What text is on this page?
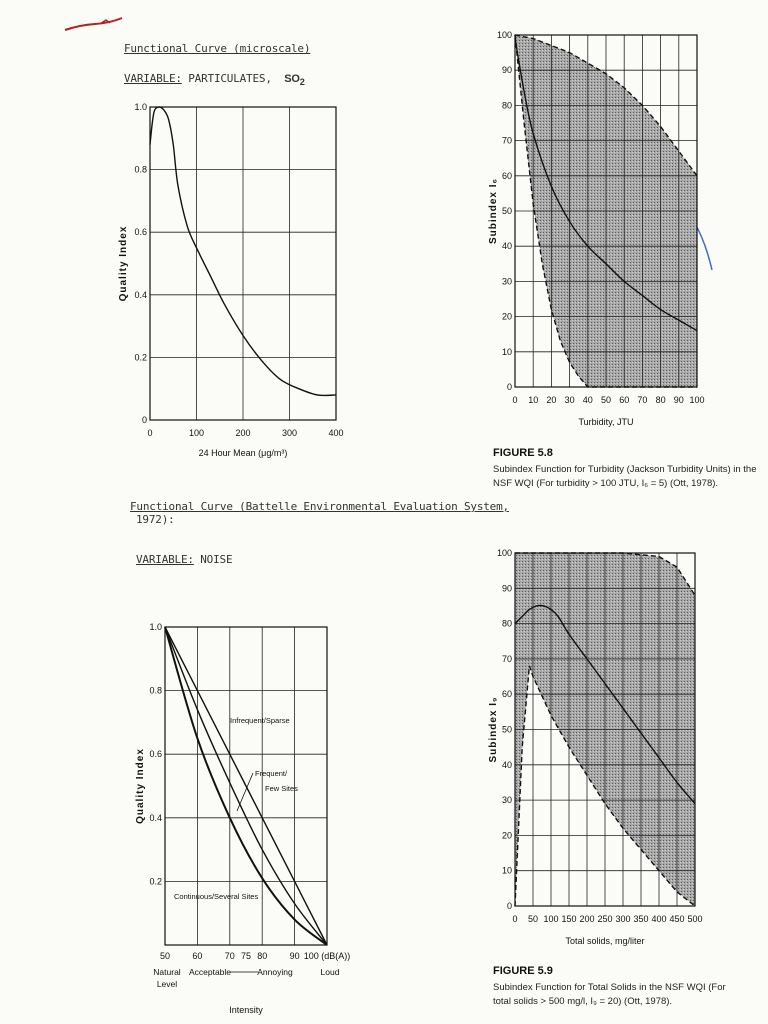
Functional Curve (microscale)
VARIABLE: PARTICULATES, $SO_2$
0	100	200	300	400
0
0.2
0.4
0.6
0.8
1.0
Quality Index
24 Hour Mean (μg/m³)
Functional Curve (Battelle Environmental Evaluation System,
1972):
VARIABLE: NOISE
50 60 70 75 80 90 100 (dB(A))
0.2
0.4
0.6
0.8
1.0
Quality Index
Intensity
Infrequent/Sparse
Frequent/
Few Sites
Continuous/Several Sites
Natural
Level
Acceptable	Annoying	Loud
0 10 20 30 40 50 60 70 80 90 100
0
10
20
30
40
50
60
70
80
90
100
Subindex I₆
Turbidity, JTU
FIGURE 5.8
Subindex Function for Turbidity (Jackson Turbidity Units) in the
NSF WQI (For turbidity > 100 JTU, I₆ = 5) (Ott, 1978).
0 50 100 150 200 250 300 350 400 450 500
0
10
20
30
40
50
60
70
80
90
100
Subindex I₉
Total solids, mg/liter
FIGURE 5.9
Subindex Function for Total Solids in the NSF WQI (For
total solids > 500 mg/l, I₉ = 20) (Ott, 1978).
